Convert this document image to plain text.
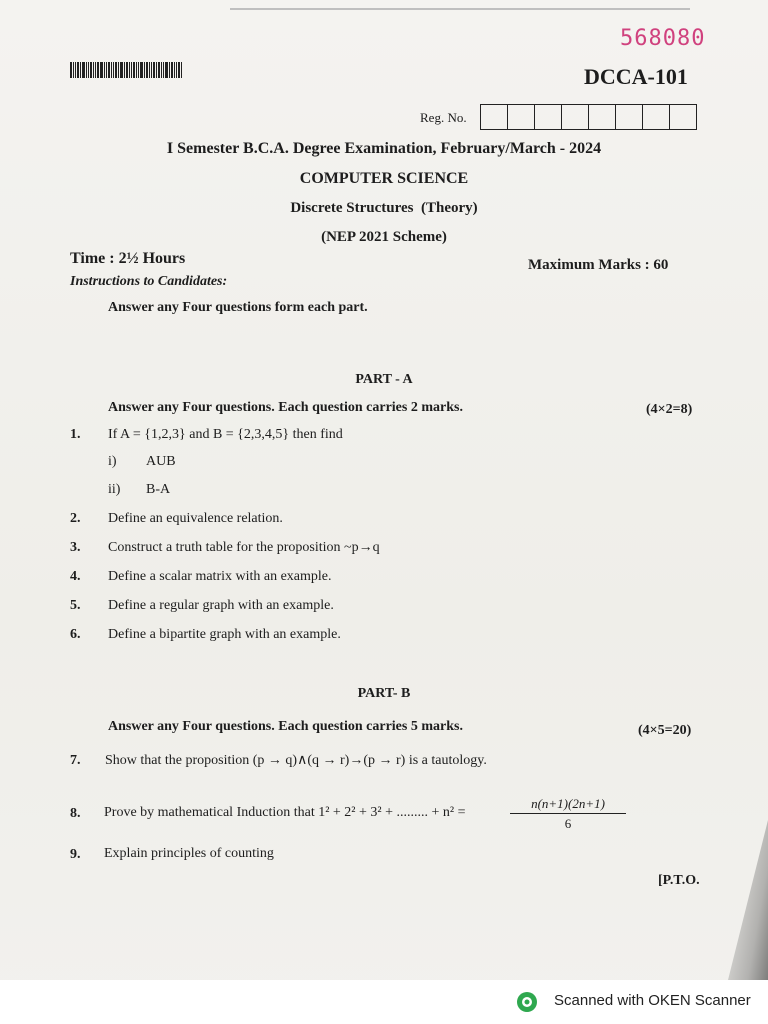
568080
DCCA-101
Reg. No.
I Semester B.C.A. Degree Examination, February/March - 2024
COMPUTER SCIENCE
Discrete Structures  (Theory)
(NEP 2021 Scheme)
Time : 2½ Hours	Maximum Marks : 60
Instructions to Candidates:
Answer any Four questions form each part.
PART - A
Answer any Four questions. Each question carries 2 marks.	(4×2=8)
1. If A = {1,2,3} and B = {2,3,4,5} then find
i) AUB
ii) B-A
2. Define an equivalence relation.
3. Construct a truth table for the proposition ~p→q
4. Define a scalar matrix with an example.
5. Define a regular graph with an example.
6. Define a bipartite graph with an example.
PART- B
Answer any Four questions. Each question carries 5 marks.	(4×5=20)
7. Show that the proposition (p → q)∧(q → r)→(p → r) is a tautology.
8. Prove by mathematical Induction that 1² + 2² + 3² + ......... + n² =	$\frac{n(n+1)(2n+1)}{6}$
9. Explain principles of counting
[P.T.O.
Scanned with OKEN Scanner
